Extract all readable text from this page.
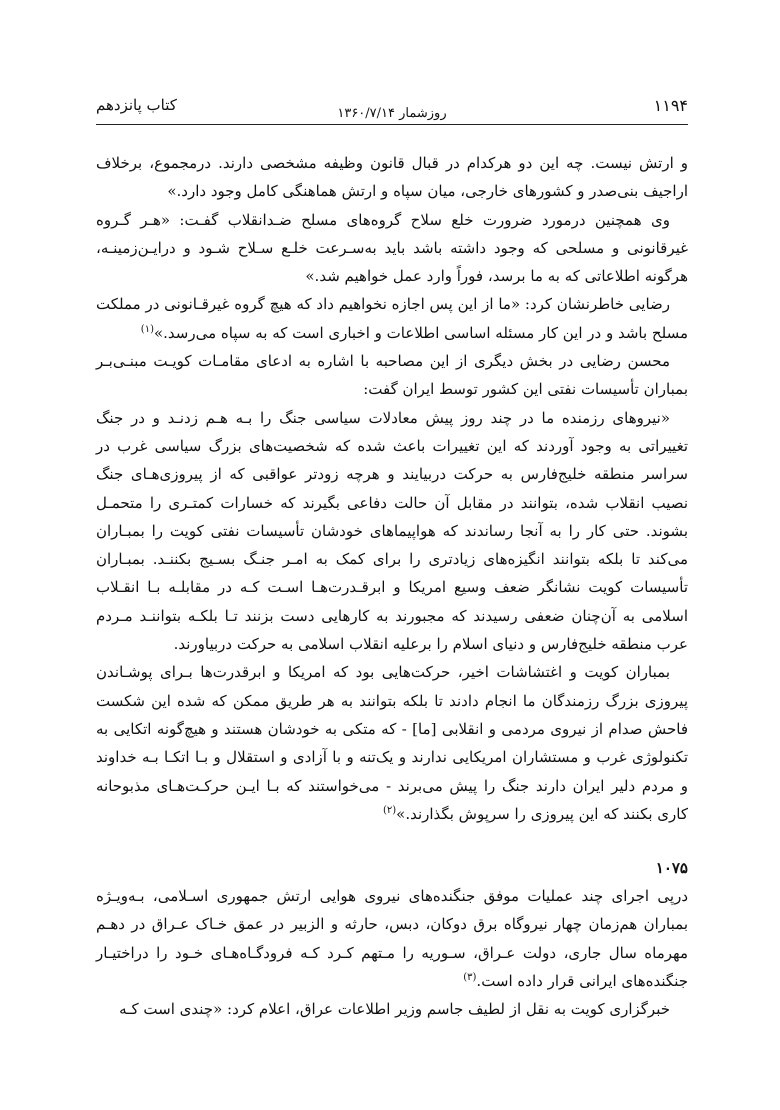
۱۱۹۴
روزشمار ۱۳۶۰/۷/۱۴
کتاب پانزدهم

و ارتش نیست. چه این دو هرکدام در قبال قانون وظیفه مشخصی دارند. درمجموع، برخلاف اراجیف بنی‌صدر و کشورهای خارجی، میان سپاه و ارتش هماهنگی کامل وجود دارد.»

وی همچنین درمورد ضرورت خلع سلاح گروه‌های مسلح ضـدانقلاب گفـت: «هـر گـروه غیرقانونی و مسلحی که وجود داشته باشد باید به‌سـرعت خلـع سـلاح شـود و درایـن‌زمینـه، هرگونه اطلاعاتی که به ما برسد، فوراً وارد عمل خواهیم شد.»

رضایی خاطرنشان کرد: «ما از این پس اجازه نخواهیم داد که هیچ گروه غیرقـانونی در مملکت مسلح باشد و در این کار مسئله اساسی اطلاعات و اخباری است که به سپاه می‌رسد.»$^{(۱)}$

محسن رضایی در بخش دیگری از این مصاحبه با اشاره به ادعای مقامـات کویـت مبنـی‌بـر بمباران تأسیسات نفتی این کشور توسط ایران گفت:

«نیروهای رزمنده ما در چند روز پیش معادلات سیاسی جنگ را بـه هـم زدنـد و در جنگ تغییراتی به وجود آوردند که این تغییرات باعث شده که شخصیت‌های بزرگ سیاسی غرب در سراسر منطقه خلیج‌فارس به حرکت دربیایند و هرچه زودتر عواقبی که از پیروزی‌هـای جنگ نصیب انقلاب شده، بتوانند در مقابل آن حالت دفاعی بگیرند که خسارات کمتـری را متحمـل بشوند. حتی کار را به آنجا رساندند که هواپیماهای خودشان تأسیسات نفتی کویت را بمبـاران می‌کند تا بلکه بتوانند انگیزه‌های زیادتری را برای کمک به امـر جنـگ بسـیج بکننـد. بمبـاران تأسیسات کویت نشانگر ضعف وسیع امریکا و ابرقـدرت‌هـا اسـت کـه در مقابلـه بـا انقـلاب اسلامی به آن‌چنان ضعفی رسیدند که مجبورند به کارهایی دست بزنند تـا بلکـه بتواننـد مـردم عرب منطقه خلیج‌فارس و دنیای اسلام را برعلیه انقلاب اسلامی به حرکت دربیاورند.

بمباران کویت و اغتشاشات اخیر، حرکت‌هایی بود که امریکا و ابرقدرت‌ها بـرای پوشـاندن پیروزی بزرگ رزمندگان ما انجام دادند تا بلکه بتوانند به هر طریق ممکن که شده این شکست فاحش صدام از نیروی مردمی و انقلابی [ما] - که متکی به خودشان هستند و هیچ‌گونه اتکایی به تکنولوژی غرب و مستشاران امریکایی ندارند و یک‌تنه و با آزادی و استقلال و بـا اتکـا بـه خداوند و مردم دلیر ایران دارند جنگ را پیش می‌برند - می‌خواستند که بـا ایـن حرکـت‌هـای مذبوحانه کاری بکنند که این پیروزی را سرپوش بگذارند.»$^{(۲)}$

۱۰۷۵

درپی اجرای چند عملیات موفق جنگنده‌های نیروی هوایی ارتش جمهوری اسـلامی، بـه‌ویـژه بمباران هم‌زمان چهار نیروگاه برق دوکان، دبس، حارثه و الزبیر در عمق خـاک عـراق در دهـم مهرماه سال جاری، دولت عـراق، سـوریه را مـتهم کـرد کـه فرودگـاه‌هـای خـود را دراختیـار جنگنده‌های ایرانی قرار داده است.$^{(۳)}$

خبرگزاری کویت به نقل از لطیف جاسم وزیر اطلاعات عراق، اعلام کرد: «چندی است کـه
